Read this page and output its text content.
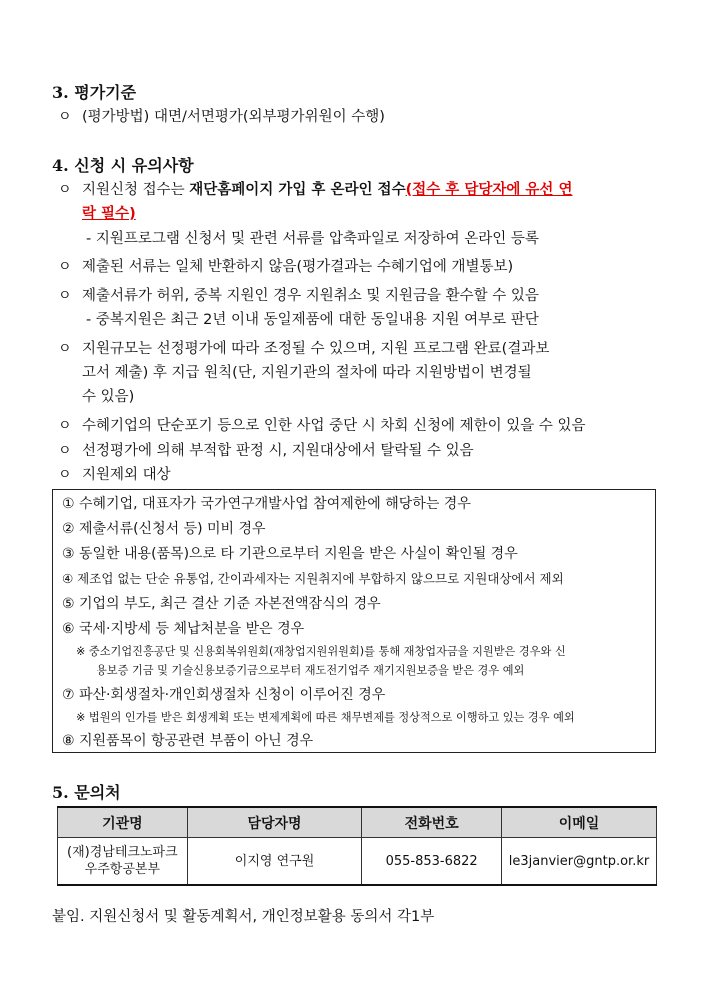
3. 평가기준
ㅇ (평가방법) 대면/서면평가(외부평가위원이 수행)
4. 신청 시 유의사항
ㅇ 지원신청 접수는 재단홈페이지 가입 후 온라인 접수(접수 후 담당자에 유선 연
락 필수)
- 지원프로그램 신청서 및 관련 서류를 압축파일로 저장하여 온라인 등록
ㅇ 제출된 서류는 일체 반환하지 않음(평가결과는 수혜기업에 개별통보)
ㅇ 제출서류가 허위, 중복 지원인 경우 지원취소 및 지원금을 환수할 수 있음
- 중복지원은 최근 2년 이내 동일제품에 대한 동일내용 지원 여부로 판단
ㅇ 지원규모는 선정평가에 따라 조정될 수 있으며, 지원 프로그램 완료(결과보
고서 제출) 후 지급 원칙(단, 지원기관의 절차에 따라 지원방법이 변경될
수 있음)
ㅇ 수혜기업의 단순포기 등으로 인한 사업 중단 시 차회 신청에 제한이 있을 수 있음
ㅇ 선정평가에 의해 부적합 판정 시, 지원대상에서 탈락될 수 있음
ㅇ 지원제외 대상
① 수혜기업, 대표자가 국가연구개발사업 참여제한에 해당하는 경우
② 제출서류(신청서 등) 미비 경우
③ 동일한 내용(품목)으로 타 기관으로부터 지원을 받은 사실이 확인될 경우
④ 제조업 없는 단순 유통업, 간이과세자는 지원취지에 부합하지 않으므로 지원대상에서 제외
⑤ 기업의 부도, 최근 결산 기준 자본전액잠식의 경우
⑥ 국세·지방세 등 체납처분을 받은 경우
※ 중소기업진흥공단 및 신용회복위원회(재창업지원위원회)를 통해 재창업자금을 지원받은 경우와 신
용보증 기금 및 기술신용보증기금으로부터 재도전기업주 재기지원보증을 받은 경우 예외
⑦ 파산·회생절차·개인회생절차 신청이 이루어진 경우
※ 법원의 인가를 받은 회생계획 또는 변제계획에 따른 채무변제를 정상적으로 이행하고 있는 경우 예외
⑧ 지원품목이 항공관련 부품이 아닌 경우
5. 문의처
기관명	담당자명	전화번호	이메일

(재)경남테크노파크
우주항공본부	이지영 연구원	055-853-6822	le3janvier@gntp.or.kr
붙임. 지원신청서 및 활동계획서, 개인정보활용 동의서 각1부
